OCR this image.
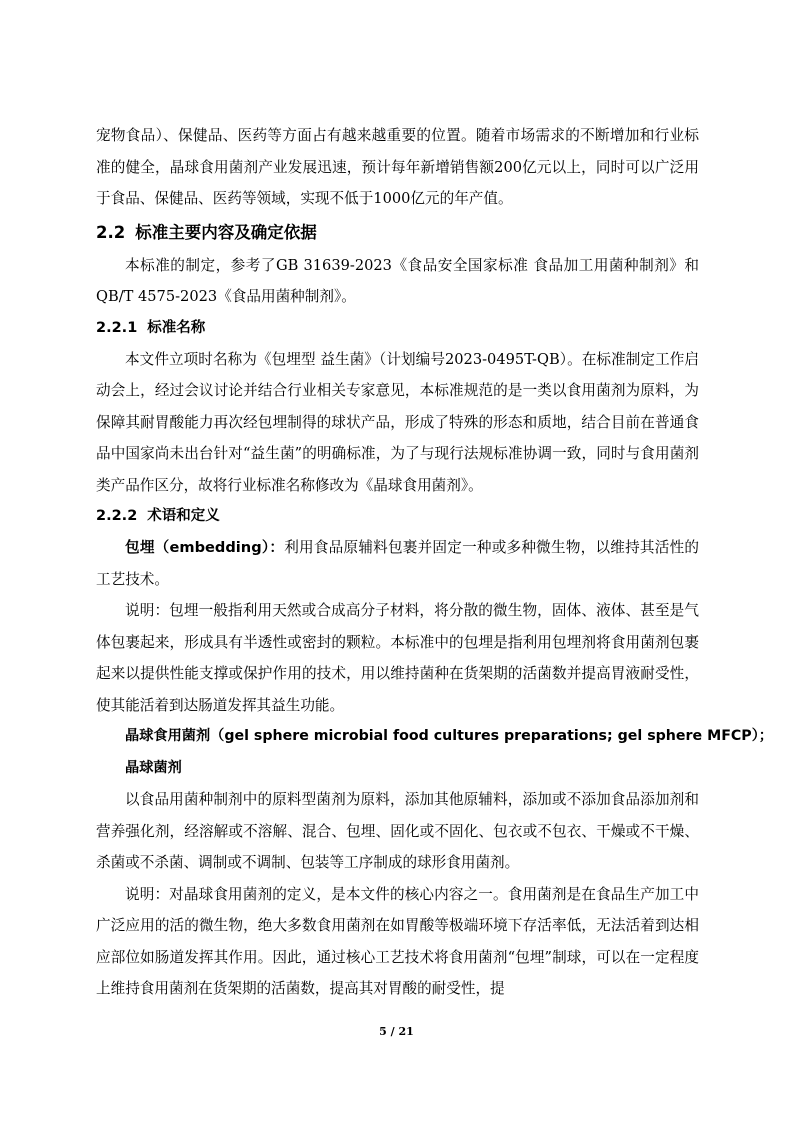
宠物食品）、保健品、医药等方面占有越来越重要的位置。随着市场需求的不断增加和行业标准的健全，晶球食用菌剂产业发展迅速，预计每年新增销售额200亿元以上，同时可以广泛用于食品、保健品、医药等领域，实现不低于1000亿元的年产值。

2.2 标准主要内容及确定依据

本标准的制定，参考了GB 31639-2023《食品安全国家标准 食品加工用菌种制剂》和QB/T 4575-2023《食品用菌种制剂》。

2.2.1 标准名称

本文件立项时名称为《包埋型 益生菌》（计划编号2023-0495T-QB）。在标准制定工作启动会上，经过会议讨论并结合行业相关专家意见，本标准规范的是一类以食用菌剂为原料，为保障其耐胃酸能力再次经包埋制得的球状产品，形成了特殊的形态和质地，结合目前在普通食品中国家尚未出台针对“益生菌”的明确标准，为了与现行法规标准协调一致，同时与食用菌剂类产品作区分，故将行业标准名称修改为《晶球食用菌剂》。

2.2.2 术语和定义

包埋（embedding）：利用食品原辅料包裹并固定一种或多种微生物，以维持其活性的工艺技术。

说明：包埋一般指利用天然或合成高分子材料，将分散的微生物，固体、液体、甚至是气体包裹起来，形成具有半透性或密封的颗粒。本标准中的包埋是指利用包埋剂将食用菌剂包裹起来以提供性能支撑或保护作用的技术，用以维持菌种在货架期的活菌数并提高胃液耐受性，使其能活着到达肠道发挥其益生功能。

晶球食用菌剂（gel sphere microbial food cultures preparations; gel sphere MFCP）；

晶球菌剂

以食品用菌种制剂中的原料型菌剂为原料，添加其他原辅料，添加或不添加食品添加剂和营养强化剂，经溶解或不溶解、混合、包埋、固化或不固化、包衣或不包衣、干燥或不干燥、杀菌或不杀菌、调制或不调制、包装等工序制成的球形食用菌剂。

说明：对晶球食用菌剂的定义，是本文件的核心内容之一。食用菌剂是在食品生产加工中广泛应用的活的微生物，绝大多数食用菌剂在如胃酸等极端环境下存活率低，无法活着到达相应部位如肠道发挥其作用。因此，通过核心工艺技术将食用菌剂“包埋”制球，可以在一定程度上维持食用菌剂在货架期的活菌数，提高其对胃酸的耐受性，提

5 / 21
